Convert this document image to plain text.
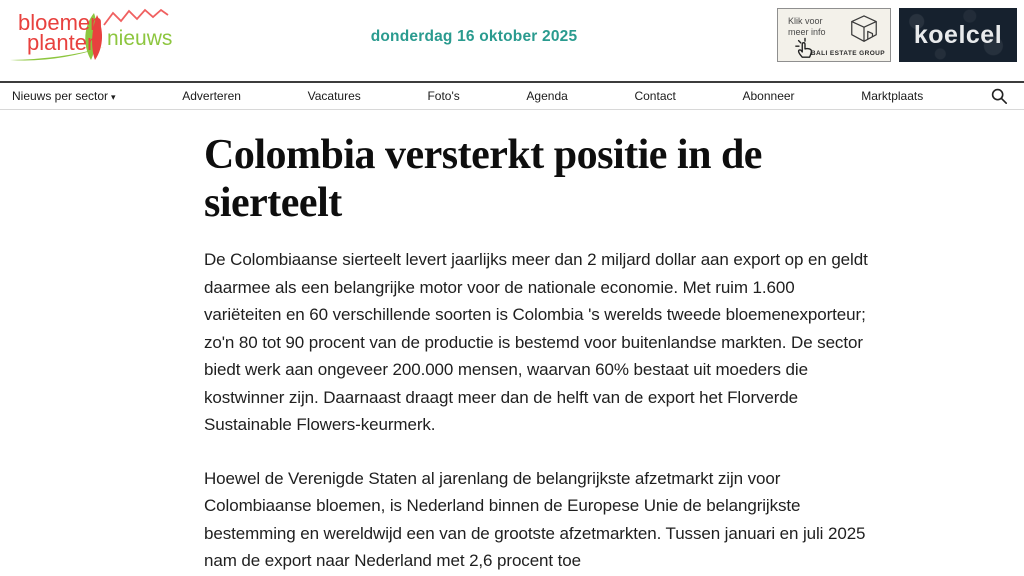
bloemen
planten nieuws	donderdag 16 oktober 2025
Klik voor
meer info
BALI ESTATE GROUP
koelcel
Nieuws per sector ▾	Adverteren	Vacatures	Foto's	Agenda	Contact	Abonneer	Marktplaats
Colombia versterkt positie in de sierteelt

De Colombiaanse sierteelt levert jaarlijks meer dan 2 miljard dollar aan export op en geldt daarmee als een belangrijke motor voor de nationale economie. Met ruim 1.600 variëteiten en 60 verschillende soorten is Colombia 's werelds tweede bloemenexporteur; zo'n 80 tot 90 procent van de productie is bestemd voor buitenlandse markten. De sector biedt werk aan ongeveer 200.000 mensen, waarvan 60% bestaat uit moeders die kostwinner zijn. Daarnaast draagt meer dan de helft van de export het Florverde Sustainable Flowers-keurmerk.

Hoewel de Verenigde Staten al jarenlang de belangrijkste afzetmarkt zijn voor Colombiaanse bloemen, is Nederland binnen de Europese Unie de belangrijkste bestemming en wereldwijd een van de grootste afzetmarkten. Tussen januari en juli 2025 nam de export naar Nederland met 2,6 procent toe
